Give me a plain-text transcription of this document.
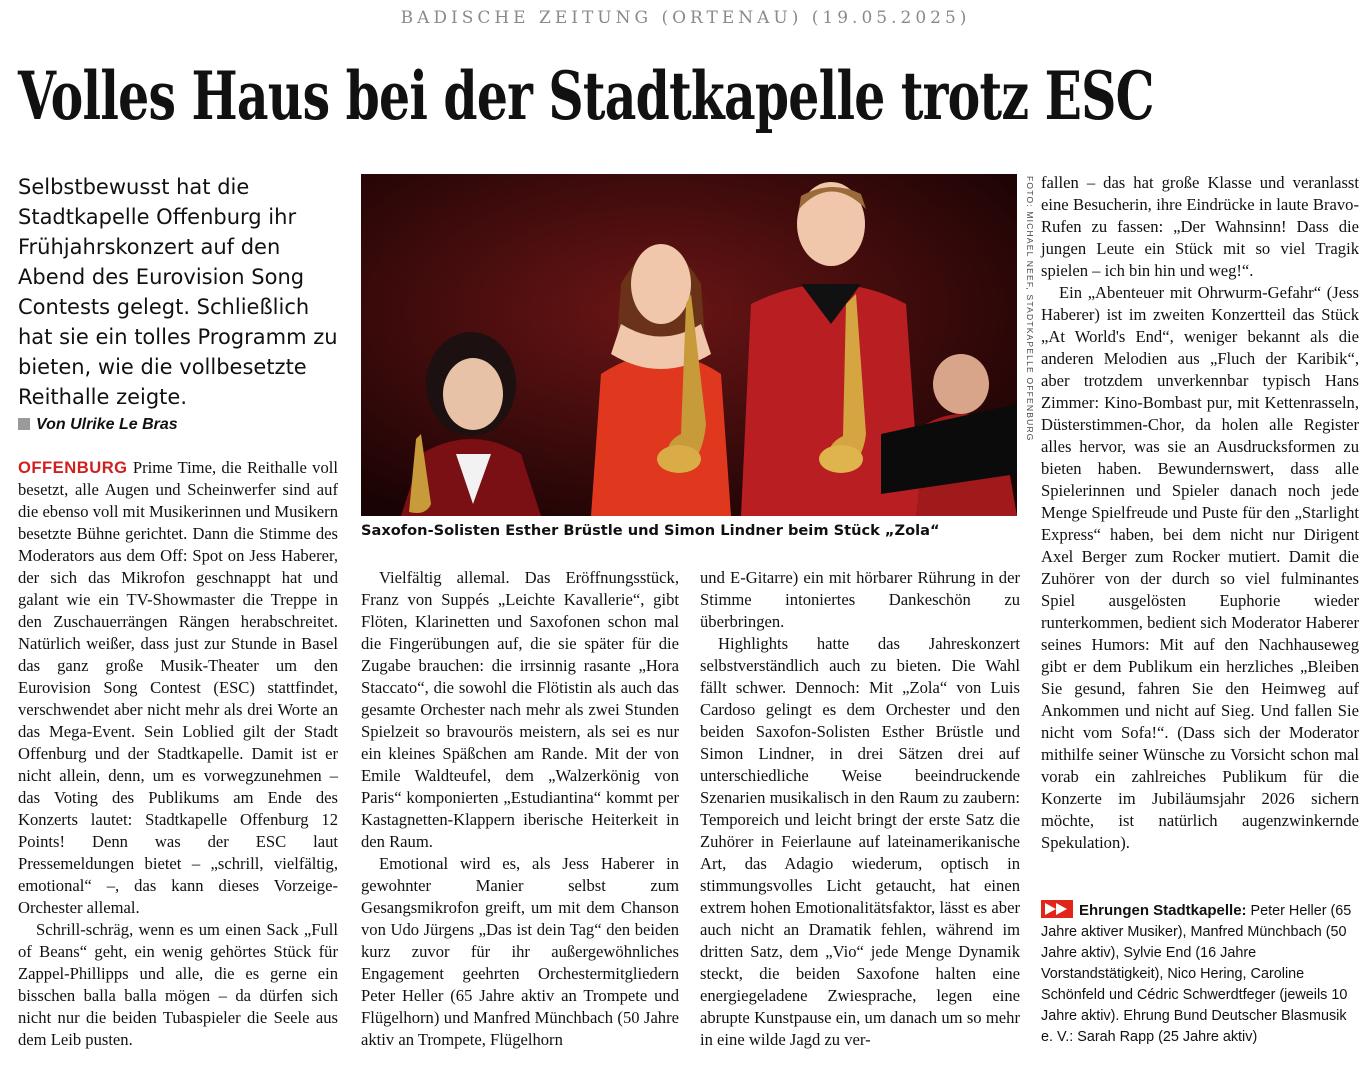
BADISCHE ZEITUNG (ORTENAU) (19.05.2025)
Volles Haus bei der Stadtkapelle trotz ESC
Selbstbewusst hat die Stadtkapelle Offenburg ihr Frühjahrskonzert auf den Abend des Eurovision Song Contests gelegt. Schließlich hat sie ein tolles Programm zu bieten, wie die vollbesetzte Reithalle zeigte.
Von Ulrike Le Bras

OFFENBURG Prime Time, die Reithalle voll besetzt, alle Augen und Scheinwerfer sind auf die ebenso voll mit Musikerinnen und Musikern besetzte Bühne gerichtet. Dann die Stimme des Moderators aus dem Off: Spot on Jess Haberer, der sich das Mikrofon geschnappt hat und galant wie ein TV-Showmaster die Treppe in den Zuschauerrängen Rängen herabschreitet. Natürlich weißer, dass just zur Stunde in Basel das ganz große Musik-Theater um den Eurovision Song Contest (ESC) stattfindet, verschwendet aber nicht mehr als drei Worte an das Mega-Event. Sein Loblied gilt der Stadt Offenburg und der Stadtkapelle. Damit ist er nicht allein, denn, um es vorwegzunehmen – das Voting des Publikums am Ende des Konzerts lautet: Stadtkapelle Offenburg 12 Points! Denn was der ESC laut Pressemeldungen bietet – „schrill, vielfältig, emotional“ –, das kann dieses Vorzeige-Orchester allemal.

Schrill-schräg, wenn es um einen Sack „Full of Beans“ geht, ein wenig gehörtes Stück für Zappel-Phillipps und alle, die es gerne ein bisschen balla balla mögen – da dürfen sich nicht nur die beiden Tubaspieler die Seele aus dem Leib pusten.

FOTO: MICHAEL NEEF, STADTKAPELLE OFFENBURG
Saxofon-Solisten Esther Brüstle und Simon Lindner beim Stück „Zola“

Vielfältig allemal. Das Eröffnungsstück, Franz von Suppés „Leichte Kavallerie“, gibt Flöten, Klarinetten und Saxofonen schon mal die Fingerübungen auf, die sie später für die Zugabe brauchen: die irrsinnig rasante „Hora Staccato“, die sowohl die Flötistin als auch das gesamte Orchester nach mehr als zwei Stunden Spielzeit so bravourös meistern, als sei es nur ein kleines Späßchen am Rande. Mit der von Emile Waldteufel, dem „Walzerkönig von Paris“ komponierten „Estudiantina“ kommt per Kastagnetten-Klappern iberische Heiterkeit in den Raum.

Emotional wird es, als Jess Haberer in gewohnter Manier selbst zum Gesangsmikrofon greift, um mit dem Chanson von Udo Jürgens „Das ist dein Tag“ den beiden kurz zuvor für ihr außergewöhnliches Engagement geehrten Orchestermitgliedern Peter Heller (65 Jahre aktiv an Trompete und Flügelhorn) und Manfred Münchbach (50 Jahre aktiv an Trompete, Flügelhorn

und E-Gitarre) ein mit hörbarer Rührung in der Stimme intoniertes Dankeschön zu überbringen.

Highlights hatte das Jahreskonzert selbstverständlich auch zu bieten. Die Wahl fällt schwer. Dennoch: Mit „Zola“ von Luis Cardoso gelingt es dem Orchester und den beiden Saxofon-Solisten Esther Brüstle und Simon Lindner, in drei Sätzen drei auf unterschiedliche Weise beeindruckende Szenarien musikalisch in den Raum zu zaubern: Temporeich und leicht bringt der erste Satz die Zuhörer in Feierlaune auf lateinamerikanische Art, das Adagio wiederum, optisch in stimmungsvolles Licht getaucht, hat einen extrem hohen Emotionalitätsfaktor, lässt es aber auch nicht an Dramatik fehlen, während im dritten Satz, dem „Vio“ jede Menge Dynamik steckt, die beiden Saxofone halten eine energiegeladene Zwiesprache, legen eine abrupte Kunstpause ein, um danach um so mehr in eine wilde Jagd zu ver-

fallen – das hat große Klasse und veranlasst eine Besucherin, ihre Eindrücke in laute Bravo-Rufen zu fassen: „Der Wahnsinn! Dass die jungen Leute ein Stück mit so viel Tragik spielen – ich bin hin und weg!“.

Ein „Abenteuer mit Ohrwurm-Gefahr“ (Jess Haberer) ist im zweiten Konzertteil das Stück „At World's End“, weniger bekannt als die anderen Melodien aus „Fluch der Karibik“, aber trotzdem unverkennbar typisch Hans Zimmer: Kino-Bombast pur, mit Kettenrasseln, Düsterstimmen-Chor, da holen alle Register alles hervor, was sie an Ausdrucksformen zu bieten haben. Bewundernswert, dass alle Spielerinnen und Spieler danach noch jede Menge Spielfreude und Puste für den „Starlight Express“ haben, bei dem nicht nur Dirigent Axel Berger zum Rocker mutiert. Damit die Zuhörer von der durch so viel fulminantes Spiel ausgelösten Euphorie wieder runterkommen, bedient sich Moderator Haberer seines Humors: Mit auf den Nachhauseweg gibt er dem Publikum ein herzliches „Bleiben Sie gesund, fahren Sie den Heimweg auf Ankommen und nicht auf Sieg. Und fallen Sie nicht vom Sofa!“. (Dass sich der Moderator mithilfe seiner Wünsche zu Vorsicht schon mal vorab ein zahlreiches Publikum für die Konzerte im Jubiläumsjahr 2026 sichern möchte, ist natürlich augenzwinkernde Spekulation).

Ehrungen Stadtkapelle: Peter Heller (65 Jahre aktiver Musiker), Manfred Münchbach (50 Jahre aktiv), Sylvie End (16 Jahre Vorstandstätigkeit), Nico Hering, Caroline Schönfeld und Cédric Schwerdtfeger (jeweils 10 Jahre aktiv). Ehrung Bund Deutscher Blasmusik e. V.: Sarah Rapp (25 Jahre aktiv)
